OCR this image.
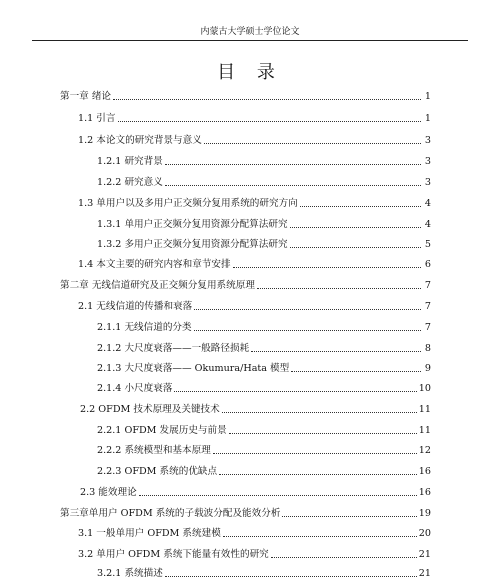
内蒙古大学硕士学位论文
目 录
第一章 绪论	1
1.1 引言	1
1.2 本论文的研究背景与意义	3
1.2.1 研究背景	3
1.2.2 研究意义	3
1.3 单用户以及多用户正交频分复用系统的研究方向	4
1.3.1 单用户正交频分复用资源分配算法研究	4
1.3.2 多用户正交频分复用资源分配算法研究	5
1.4 本文主要的研究内容和章节安排	6
第二章 无线信道研究及正交频分复用系统原理	7
2.1 无线信道的传播和衰落	7
2.1.1 无线信道的分类	7
2.1.2 大尺度衰落——一般路径损耗	8
2.1.3 大尺度衰落—— Okumura/Hata 模型	9
2.1.4 小尺度衰落	10
2.2 OFDM 技术原理及关键技术	11
2.2.1 OFDM 发展历史与前景	11
2.2.2 系统模型和基本原理	12
2.2.3 OFDM 系统的优缺点	16
2.3 能效理论	16
第三章单用户 OFDM 系统的子载波分配及能效分析	19
3.1 一般单用户 OFDM 系统建模	20
3.2 单用户 OFDM 系统下能量有效性的研究	21
3.2.1 系统描述	21
